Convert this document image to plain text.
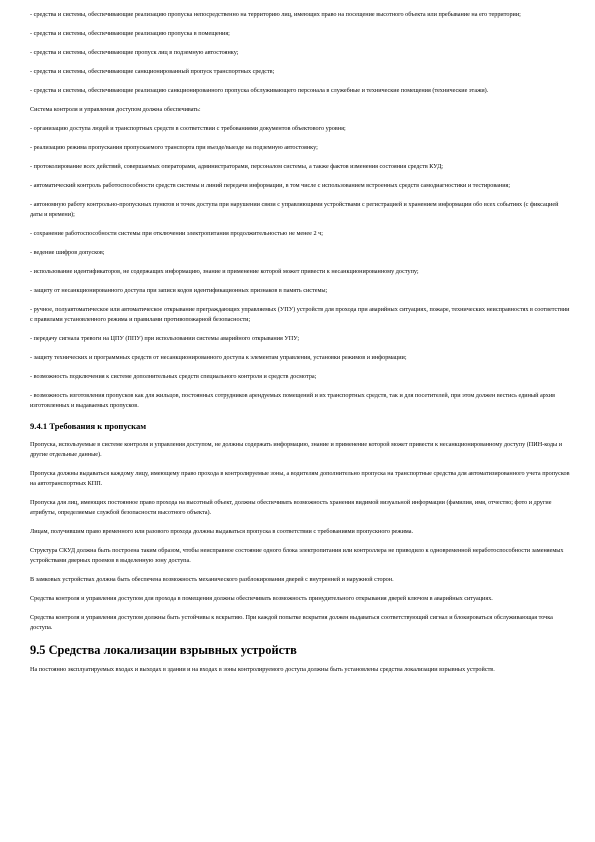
- средства и системы, обеспечивающие реализацию пропуска непосредственно на территорию лиц, имеющих право на посещение высотного объекта или пребывание на его территории;

- средства и системы, обеспечивающие реализацию пропуска в помещения;

- средства и системы, обеспечивающие пропуск лиц в подземную автостоянку;

- средства и системы, обеспечивающие санкционированный пропуск транспортных средств;

- средства и системы, обеспечивающие реализацию санкционированного пропуска обслуживающего персонала в служебные и технические помещения (технические этажи).

Система контроля и управления доступом должна обеспечивать:

- организацию доступа людей и транспортных средств в соответствии с требованиями документов объектового уровня;

- реализацию режима пропускания пропускаемого транспорта при въезде/выезде на подземную автостоянку;

- протоколирование всех действий, совершаемых операторами, администраторами, персоналом системы, а также фактов изменения состояния средств КУД;

- автоматический контроль работоспособности средств системы и линий передачи информации, в том числе с использованием встроенных средств самодиагностики и тестирования;

- автономную работу контрольно-пропускных пунктов и точек доступа при нарушении связи с управляющими устройствами с регистрацией и хранением информации обо всех событиях (с фиксацией даты и времени);

- сохранение работоспособности системы при отключении электропитания продолжительностью не менее 2 ч;

- ведение шифров допусков;

- использование идентификаторов, не содержащих информацию, знание и применение которой может привести к несанкционированному доступу;

- защиту от несанкционированного доступа при записи кодов идентификационных признаков в память системы;

- ручное, полуавтоматическое или автоматическое открывание преграждающих управляемых (УПУ) устройств для прохода при аварийных ситуациях, пожаре, технических неисправностях в соответствии с правилами установленного режима и правилами противопожарной безопасности;

- передачу сигнала тревоги на ЦПУ (ППУ) при использовании системы аварийного открывания УПУ;

- защиту технических и программных средств от несанкционированного доступа к элементам управления, установки режимов и информации;

- возможность подключения к системе дополнительных средств специального контроля и средств досмотра;

- возможность изготовления пропусков как для жильцов, постоянных сотрудников арендуемых помещений и их транспортных средств, так и для посетителей, при этом должен вестись единый архив изготовленных и выдаваемых пропусков.

9.4.1 Требования к пропускам

Пропуска, используемые в системе контроля и управления доступом, не должны содержать информацию, знание и применение которой может привести к несанкционированному доступу (ПИН-коды и другие отдельные данные).

Пропуска должны выдаваться каждому лицу, имеющему право прохода в контролируемые зоны, а водителям дополнительно пропуска на транспортные средства для автоматизированного учета пропусков на автотранспортных КПП.

Пропуска для лиц, имеющих постоянное право прохода на высотный объект, должны обеспечивать возможность хранения видимой визуальной информации (фамилия, имя, отчество; фото и другие атрибуты, определяемые службой безопасности высотного объекта).

Лицам, получившим право временного или разового прохода должны выдаваться пропуска в соответствии с требованиями пропускного режима.

Структура СКУД должна быть построена таким образом, чтобы неисправное состояние одного блока электропитания или контроллера не приводило к одновременной неработоспособности заменяемых устройствами дверных проемов в выделенную зону доступа.

В замковых устройствах должна быть обеспечена возможность механического разблокирования дверей с внутренней и наружной сторон.

Средства контроля и управления доступом для прохода в помещения должны обеспечивать возможность принудительного открывания дверей ключом в аварийных ситуациях.

Средства контроля и управления доступом должны быть устойчивы к вскрытию. При каждой попытке вскрытия должен выдаваться соответствующий сигнал и блокироваться обслуживающая точка доступа.

9.5 Средства локализации взрывных устройств

На постоянно эксплуатируемых входах и выходах в здании и на входах в зоны контролируемого доступа должны быть установлены средства локализации взрывных устройств.
